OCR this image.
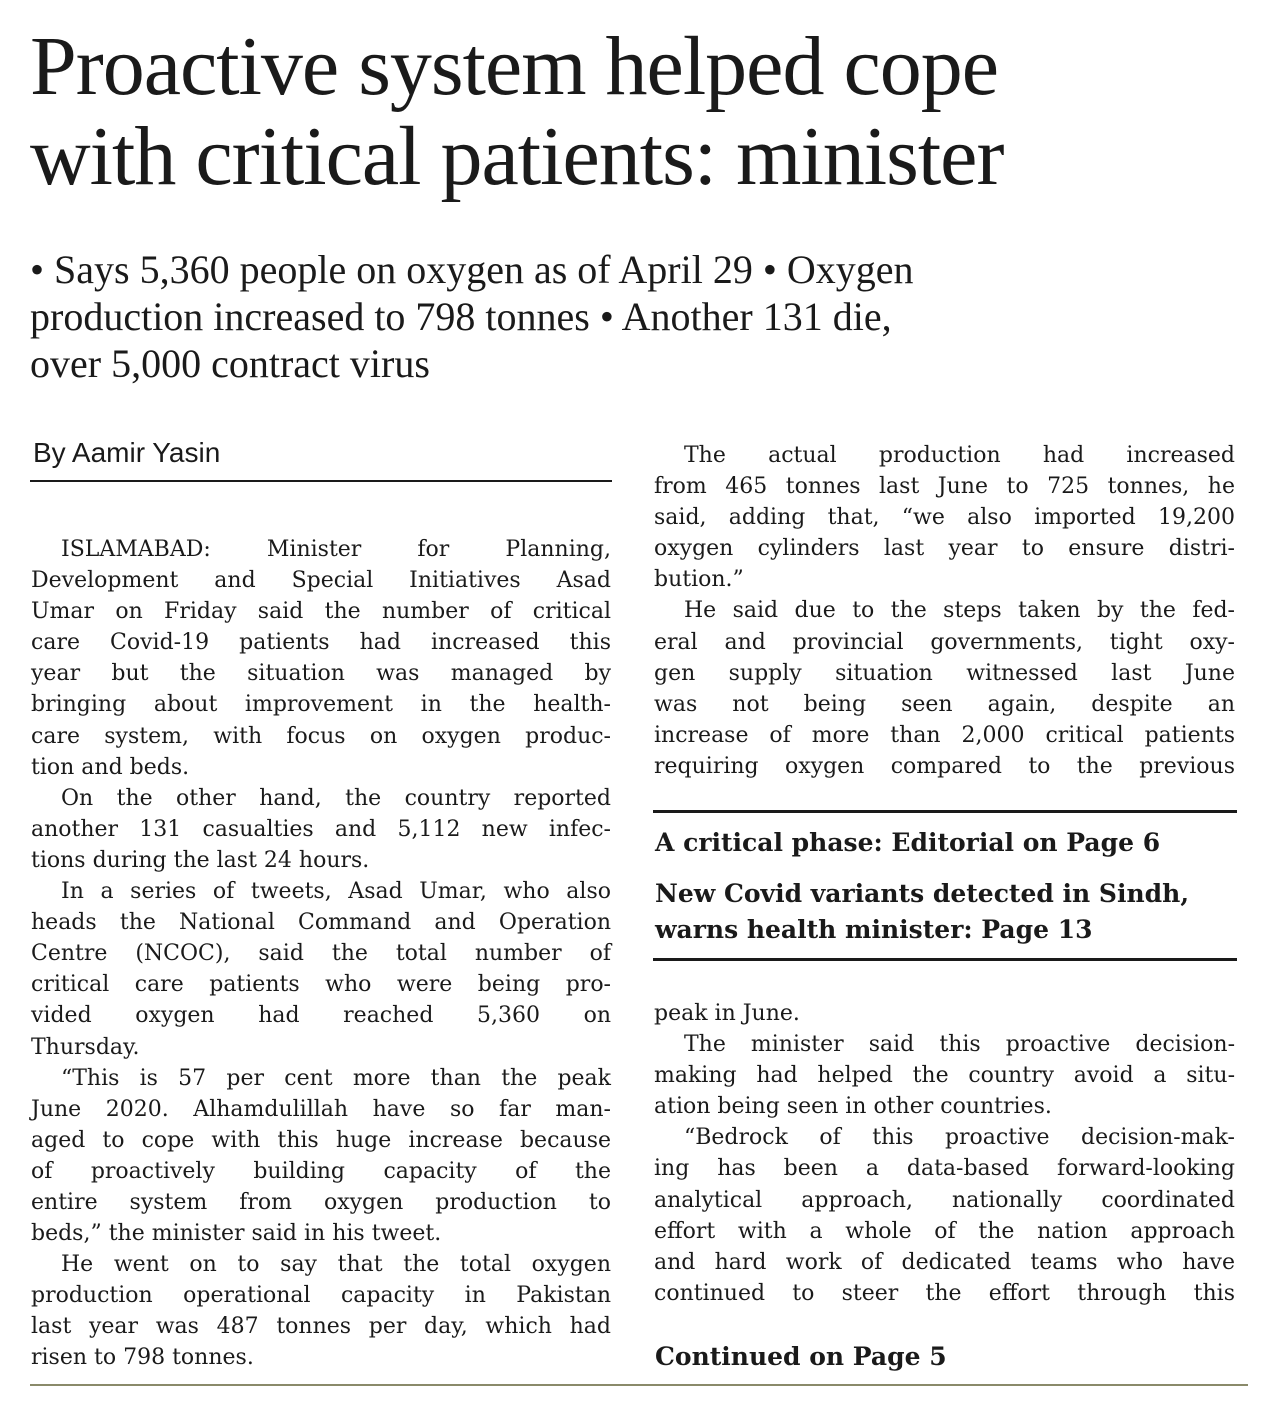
Proactive system helped cope
with critical patients: minister
• Says 5,360 people on oxygen as of April 29 • Oxygen
production increased to 798 tonnes • Another 131 die,
over 5,000 contract virus
By Aamir Yasin
ISLAMABAD: Minister for Planning,
Development and Special Initiatives Asad
Umar on Friday said the number of critical
care Covid-19 patients had increased this
year but the situation was managed by
bringing about improvement in the health-
care system, with focus on oxygen produc-
tion and beds.
On the other hand, the country reported
another 131 casualties and 5,112 new infec-
tions during the last 24 hours.
In a series of tweets, Asad Umar, who also
heads the National Command and Operation
Centre (NCOC), said the total number of
critical care patients who were being pro-
vided oxygen had reached 5,360 on
Thursday.
“This is 57 per cent more than the peak
June 2020. Alhamdulillah have so far man-
aged to cope with this huge increase because
of proactively building capacity of the
entire system from oxygen production to
beds,” the minister said in his tweet.
He went on to say that the total oxygen
production operational capacity in Pakistan
last year was 487 tonnes per day, which had
risen to 798 tonnes.
The actual production had increased
from 465 tonnes last June to 725 tonnes, he
said, adding that, “we also imported 19,200
oxygen cylinders last year to ensure distri-
bution.”
He said due to the steps taken by the fed-
eral and provincial governments, tight oxy-
gen supply situation witnessed last June
was not being seen again, despite an
increase of more than 2,000 critical patients
requiring oxygen compared to the previous
A critical phase: Editorial on Page 6
New Covid variants detected in Sindh,
warns health minister: Page 13
peak in June.
The minister said this proactive decision-
making had helped the country avoid a situ-
ation being seen in other countries.
“Bedrock of this proactive decision-mak-
ing has been a data-based forward-looking
analytical approach, nationally coordinated
effort with a whole of the nation approach
and hard work of dedicated teams who have
continued to steer the effort through this
Continued on Page 5
